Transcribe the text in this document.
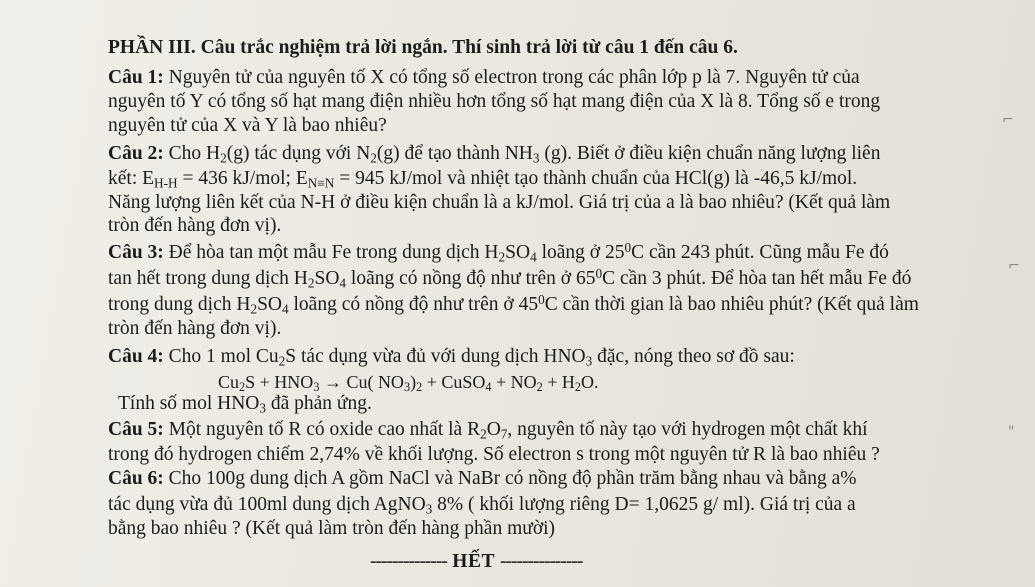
PHẦN III. Câu trắc nghiệm trả lời ngắn. Thí sinh trả lời từ câu 1 đến câu 6.
Câu 1: Nguyên tử của nguyên tố X có tổng số electron trong các phân lớp p là 7. Nguyên tử của
nguyên tố Y có tổng số hạt mang điện nhiều hơn tổng số hạt mang điện của X là 8. Tổng số e trong
nguyên tử của X và Y là bao nhiêu?
Câu 2: Cho $H_2(g)$ tác dụng với $N_2(g)$ để tạo thành $NH_3$ (g). Biết ở điều kiện chuẩn năng lượng liên
kết: $E_{H-H} = 436$ kJ/mol; $E_{N\equiv N} = 945$ kJ/mol và nhiệt tạo thành chuẩn của HCl(g) là -46,5 kJ/mol.
Năng lượng liên kết của N-H ở điều kiện chuẩn là a kJ/mol. Giá trị của a là bao nhiêu? (Kết quả làm
tròn đến hàng đơn vị).
Câu 3: Để hòa tan một mẫu Fe trong dung dịch $H_2SO_4$ loãng ở $25^0C$ cần 243 phút. Cũng mẫu Fe đó
tan hết trong dung dịch $H_2SO_4$ loãng có nồng độ như trên ở $65^0C$ cần 3 phút. Để hòa tan hết mẫu Fe đó
trong dung dịch $H_2SO_4$ loãng có nồng độ như trên ở $45^0C$ cần thời gian là bao nhiêu phút? (Kết quả làm
tròn đến hàng đơn vị).
Câu 4: Cho 1 mol $Cu_2S$ tác dụng vừa đủ với dung dịch $HNO_3$ đặc, nóng theo sơ đồ sau:
$Cu_2S + HNO_3 \to Cu$( $NO_3)_2$ + CuSO$_4$ + $NO_2 + H_2O$.
Tính số mol $HNO_3$ đã phản ứng.
Câu 5: Một nguyên tố R có oxide cao nhất là $R_2O_7$, nguyên tố này tạo với hydrogen một chất khí
trong đó hydrogen chiếm 2,74% về khối lượng. Số electron s trong một nguyên tử R là bao nhiêu ?
Câu 6: Cho 100g dung dịch A gồm NaCl và NaBr có nồng độ phần trăm bằng nhau và bằng a%
tác dụng vừa đủ 100ml dung dịch AgNO$_3$ 8% ( khối lượng riêng D= 1,0625 g/ ml). Giá trị của a
bằng bao nhiêu ? (Kết quả làm tròn đến hàng phần mười)
-------------- HẾT ---------------
⌐
⌐
"
